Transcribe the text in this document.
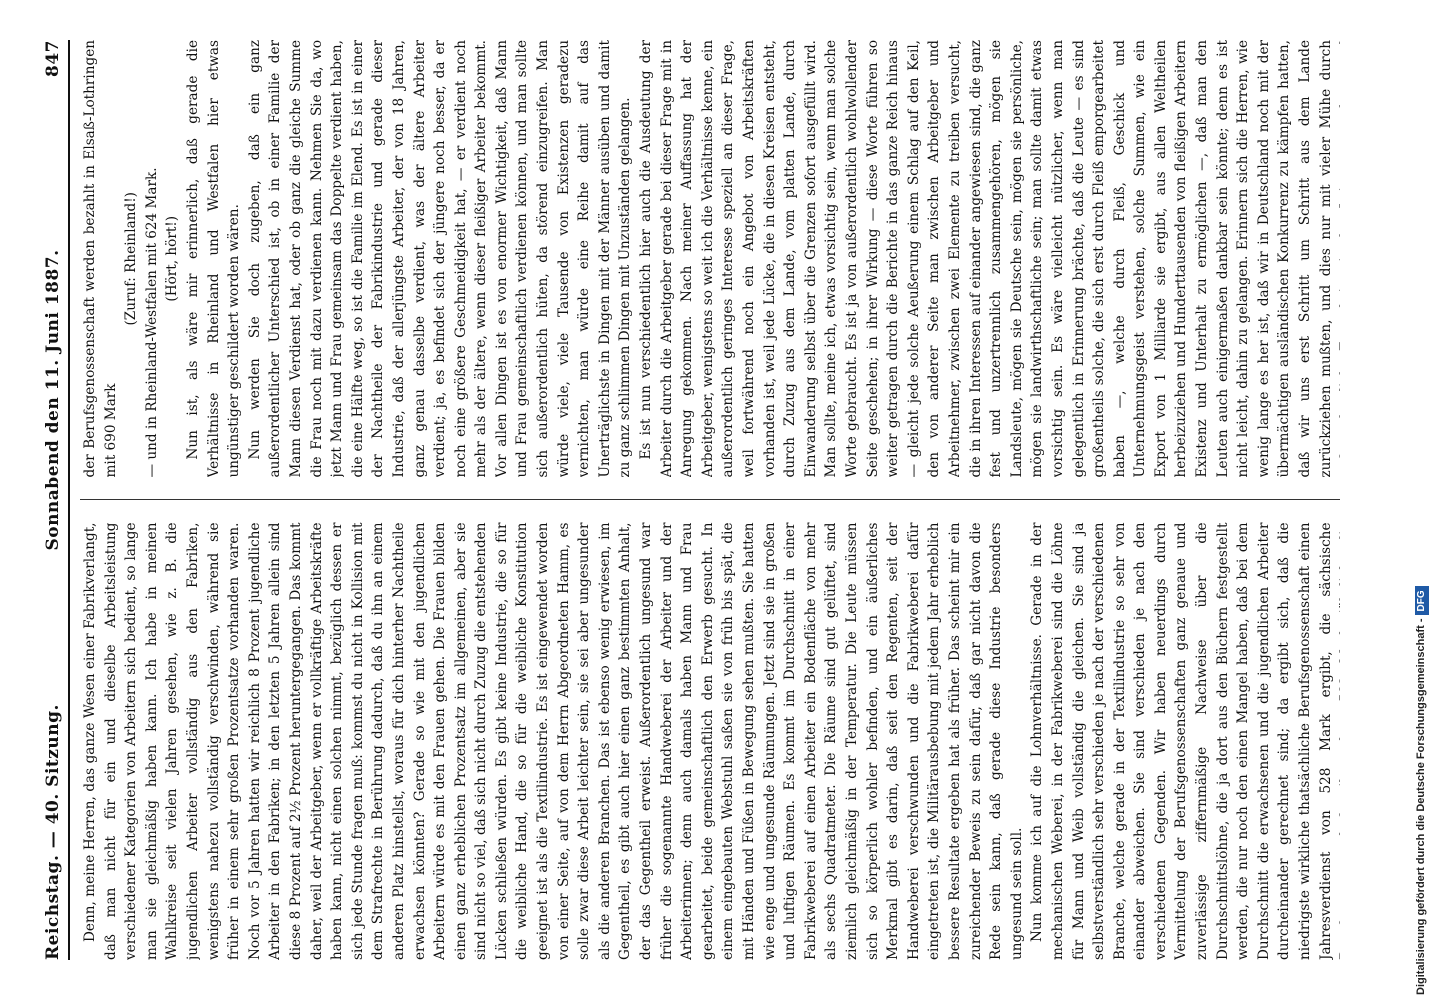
Reichstag. — 40. Sitzung.
Sonnabend den 11. Juni 1887.
847

Denn, meine Herren, das ganze Wesen einer Fabrikverlangt, daß man nicht für ein und dieselbe Arbeitsleistung verschiedener Kategorien von Arbeitern sich bedient, so lange man sie gleichmäßig haben kann. Ich habe in meinen Wahlkreise seit vielen Jahren gesehen, wie z. B. die jugendlichen Arbeiter vollständig aus den Fabriken, wenigstens nahezu vollständig verschwinden, während sie früher in einem sehr großen Prozentsatze vorhanden waren. Noch vor 5 Jahren hatten wir reichlich 8 Prozent jugendliche Arbeiter in den Fabriken; in den letzten 5 Jahren allein sind diese 8 Prozent auf 2½ Prozent heruntergegangen. Das kommt daher, weil der Arbeitgeber, wenn er vollkräftige Arbeitskräfte haben kann, nicht einen solchen nimmt, bezüglich dessen er sich jede Stunde fragen muß: kommst du nicht in Kollision mit dem Strafrechte in Berührung dadurch, daß du ihn an einem anderen Platz hinstellst, woraus für dich hinterher Nachtheile erwachsen könnten? Gerade so wie mit den jugendlichen Arbeitern würde es mit den Frauen gehen. Die Frauen bilden einen ganz erheblichen Prozentsatz im allgemeinen, aber sie sind nicht so viel, daß sich nicht durch Zuzug die entstehenden Lücken schließen würden. Es gibt keine Industrie, die so für die weibliche Hand, die so für die weibliche Konstitution geeignet ist als die Textilindustrie. Es ist eingewendet worden von einer Seite, auf von dem Herrn Abgeordneten Hamm, es solle zwar diese Arbeit leichter sein, sie sei aber ungesunder als die anderen Branchen. Das ist ebenso wenig erwiesen, im Gegentheil, es gibt auch hier einen ganz bestimmten Anhalt, der das Gegentheil erweist. Außerordentlich ungesund war früher die sogenannte Handweberei der Arbeiter und der Arbeiterinnen; denn auch damals haben Mann und Frau gearbeitet, beide gemeinschaftlich den Erwerb gesucht. In einem eingebauten Webstuhl saßen sie von früh bis spät, die mit Händen und Füßen in Bewegung sehen mußten. Sie hatten wie enge und ungesunde Räumungen. Jetzt sind sie in großen und luftigen Räumen. Es kommt im Durchschnitt in einer Fabrikweberei auf einen Arbeiter ein Bodenfläche von mehr als sechs Quadratmeter. Die Räume sind gut gelüftet, sind ziemlich gleichmäßig in der Temperatur. Die Leute müssen sich so körperlich wohler befinden, und ein äußerliches Merkmal gibt es darin, daß seit den Regenten, seit der Handweberei verschwunden und die Fabrikweberei dafür eingetreten ist, die Militärausbebung mit jedem Jahr erheblich bessere Resultate ergeben hat als früher. Das scheint mir ein zureichender Beweis zu sein dafür, daß gar nicht davon die Rede sein kann, daß gerade diese Industrie besonders ungesund sein soll. Nun komme ich auf die Lohnverhältnisse. Gerade in der mechanischen Weberei, in der Fabrikweberei sind die Löhne für Mann und Weib vollständig die gleichen. Sie sind ja selbstverständlich sehr verschieden je nach der verschiedenen Branche, welche gerade in der Textilindustrie so sehr von einander abweichen. Sie sind verschieden je nach den verschiedenen Gegenden. Wir haben neuerdings durch Vermittelung der Berufsgenossenschaften ganz genaue und zuverlässige ziffernmäßige Nachweise über die Durchschnittslöhne, die ja dort aus den Büchern festgestellt werden, die nur noch den einen Mangel haben, daß bei dem Durchschnitt die erwachsenen und die jugendlichen Arbeiter durcheinander gerechnet sind; da ergibt sich, daß die niedrigste wirkliche thatsächliche Berufsgenossenschaft einen Jahresverdienst von 528 Mark ergibt, die sächsische

der Berufsgenossenschaft werden bezahlt in Elsaß-Lothringen mit 690 Mark

(Zuruf: Rheinland!) — und in Rheinland-Westfalen mit 624 Mark. (Hört, hört!) Nun ist, als wäre mir erinnerlich, daß gerade die Verhältnisse in Rheinland und Westfalen hier etwas ungünstiger geschildert worden wären. Nun werden Sie doch zugeben, daß ein ganz außerordentlicher Unterschied ist, ob in einer Familie der Mann diesen Verdienst hat, oder ob ganz die gleiche Summe die Frau noch mit dazu verdienen kann. Nehmen Sie da, wo jetzt Mann und Frau gemeinsam das Doppelte verdient haben, die eine Hälfte weg, so ist die Familie im Elend. Es ist in einer der Nachtheile der Fabrikindustrie und gerade dieser Industrie, daß der allerjüngste Arbeiter, der von 18 Jahren, ganz genau dasselbe verdient, was der ältere Arbeiter verdient; ja, es befindet sich der jüngere noch besser, da er noch eine größere Geschmeidigkeit hat, — er verdient noch mehr als der ältere, wenn dieser fleißiger Arbeiter bekommt. Vor allen Dingen ist es von enormer Wichtigkeit, daß Mann und Frau gemeinschaftlich verdienen können, und man sollte sich außerordentlich hüten, da störend einzugreifen. Man würde viele, viele Tausende von Existenzen geradezu vernichten, man würde eine Reihe damit auf das Unerträglichste in Dingen mit der Männer ausüben und damit zu ganz schlimmen Dingen mit Unzuständen gelangen. Es ist nun verschiedentlich hier auch die Ausdeutung der Arbeiter durch die Arbeitgeber gerade bei dieser Frage mit in Anregung gekommen. Nach meiner Auffassung hat der Arbeitgeber, wenigstens so weit ich die Verhältnisse kenne, ein außerordentlich geringes Interesse speziell an dieser Frage, weil fortwährend noch ein Angebot von Arbeitskräften vorhanden ist, weil jede Lücke, die in diesen Kreisen entsteht, durch Zuzug aus dem Lande, vom platten Lande, durch Einwanderung selbst über die Grenzen sofort ausgefüllt wird. Man sollte, meine ich, etwas vorsichtig sein, wenn man solche Worte gebraucht. Es ist ja von außerordentlich wohlwollender Seite geschehen; in ihrer Wirkung — diese Worte führen so weiter getragen durch die Berichte in das ganze Reich hinaus — gleicht jede solche Aeußerung einem Schlag auf den Keil, den von anderer Seite man zwischen Arbeitgeber und Arbeitnehmer, zwischen zwei Elemente zu treiben versucht, die in ihren Interessen auf einander angewiesen sind, die ganz fest und unzertrennlich zusammengehören, mögen sie Landsleute, mögen sie Deutsche sein, mögen sie persönliche, mögen sie landwirthschaftliche sein; man sollte damit etwas vorsichtig sein. Es wäre vielleicht nützlicher, wenn man gelegentlich in Erinnerung brächte, daß die Leute — es sind großentheils solche, die sich erst durch Fleiß emporgearbeitet haben —, welche durch Fleiß, Geschick und Unternehmungsgeist verstehen, solche Summen, wie ein Export von 1 Milliarde sie ergibt, aus allen Weltheilen herbeizuziehen und Hunderttausenden von fleißigen Arbeitern Existenz und Unterhalt zu ermöglichen —, daß man den Leuten auch einigermaßen dankbar sein könnte; denn es ist nicht leicht, dahin zu gelangen. Erinnern sich die Herren, wie wenig lange es her ist, daß wir in Deutschland noch mit der übermächtigen ausländischen Konkurrenz zu kämpfen hatten, daß wir uns erst Schritt um Schritt aus dem Lande zurückziehen mußten, und dies nur mit vieler Mühe durch

Digitalisierung gefördert durch die Deutsche Forschungsgemeinschaft -DFG
